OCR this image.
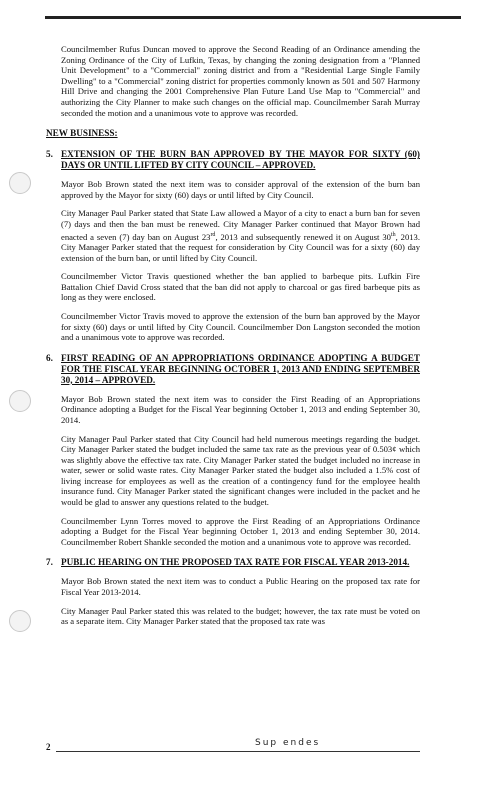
Councilmember Rufus Duncan moved to approve the Second Reading of an Ordinance amending the Zoning Ordinance of the City of Lufkin, Texas, by changing the zoning designation from a "Planned Unit Development" to a "Commercial" zoning district and from a "Residential Large Single Family Dwelling" to a "Commercial" zoning district for properties commonly known as 501 and 507 Harmony Hill Drive and changing the 2001 Comprehensive Plan Future Land Use Map to "Commercial" and authorizing the City Planner to make such changes on the official map. Councilmember Sarah Murray seconded the motion and a unanimous vote to approve was recorded.

NEW BUSINESS:

5. EXTENSION OF THE BURN BAN APPROVED BY THE MAYOR FOR SIXTY (60) DAYS OR UNTIL LIFTED BY CITY COUNCIL – APPROVED.

Mayor Bob Brown stated the next item was to consider approval of the extension of the burn ban approved by the Mayor for sixty (60) days or until lifted by City Council.

City Manager Paul Parker stated that State Law allowed a Mayor of a city to enact a burn ban for seven (7) days and then the ban must be renewed. City Manager Parker continued that Mayor Brown had enacted a seven (7) day ban on August 23rd, 2013 and subsequently renewed it on August 30th, 2013. City Manager Parker stated that the request for consideration by City Council was for a sixty (60) day extension of the burn ban, or until lifted by City Council.

Councilmember Victor Travis questioned whether the ban applied to barbeque pits. Lufkin Fire Battalion Chief David Cross stated that the ban did not apply to charcoal or gas fired barbeque pits as long as they were enclosed.

Councilmember Victor Travis moved to approve the extension of the burn ban approved by the Mayor for sixty (60) days or until lifted by City Council. Councilmember Don Langston seconded the motion and a unanimous vote to approve was recorded.

6. FIRST READING OF AN APPROPRIATIONS ORDINANCE ADOPTING A BUDGET FOR THE FISCAL YEAR BEGINNING OCTOBER 1, 2013 AND ENDING SEPTEMBER 30, 2014 – APPROVED.

Mayor Bob Brown stated the next item was to consider the First Reading of an Appropriations Ordinance adopting a Budget for the Fiscal Year beginning October 1, 2013 and ending September 30, 2014.

City Manager Paul Parker stated that City Council had held numerous meetings regarding the budget. City Manager Parker stated the budget included the same tax rate as the previous year of 0.503¢ which was slightly above the effective tax rate. City Manager Parker stated the budget included no increase in water, sewer or solid waste rates. City Manager Parker stated the budget also included a 1.5% cost of living increase for employees as well as the creation of a contingency fund for the employee health insurance fund. City Manager Parker stated the significant changes were included in the packet and he would be glad to answer any questions related to the budget.

Councilmember Lynn Torres moved to approve the First Reading of an Appropriations Ordinance adopting a Budget for the Fiscal Year beginning October 1, 2013 and ending September 30, 2014. Councilmember Robert Shankle seconded the motion and a unanimous vote to approve was recorded.

7. PUBLIC HEARING ON THE PROPOSED TAX RATE FOR FISCAL YEAR 2013-2014.

Mayor Bob Brown stated the next item was to conduct a Public Hearing on the proposed tax rate for Fiscal Year 2013-2014.

City Manager Paul Parker stated this was related to the budget; however, the tax rate must be voted on as a separate item. City Manager Parker stated that the proposed tax rate was

2	Sup endes
